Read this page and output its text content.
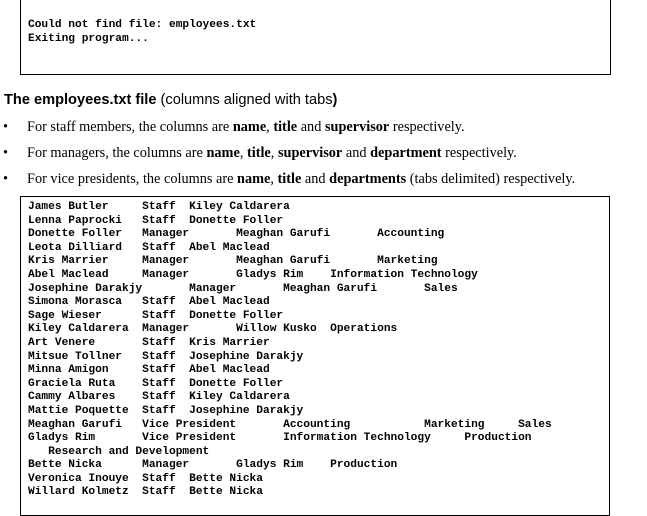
Could not find file: employees.txt
Exiting program...
The employees.txt file (columns aligned with tabs)
• For staff members, the columns are name, title and supervisor respectively.
• For managers, the columns are name, title, supervisor and department respectively.
• For vice presidents, the columns are name, title and departments (tabs delimited) respectively.
James Butler     Staff  Kiley Caldarera
Lenna Paprocki   Staff  Donette Foller
Donette Foller   Manager       Meaghan Garufi       Accounting
Leota Dilliard   Staff  Abel Maclead
Kris Marrier     Manager       Meaghan Garufi       Marketing
Abel Maclead     Manager       Gladys Rim    Information Technology
Josephine Darakjy       Manager       Meaghan Garufi       Sales
Simona Morasca   Staff  Abel Maclead
Sage Wieser      Staff  Donette Foller
Kiley Caldarera  Manager       Willow Kusko  Operations
Art Venere       Staff  Kris Marrier
Mitsue Tollner   Staff  Josephine Darakjy
Minna Amigon     Staff  Abel Maclead
Graciela Ruta    Staff  Donette Foller
Cammy Albares    Staff  Kiley Caldarera
Mattie Poquette  Staff  Josephine Darakjy
Meaghan Garufi   Vice President       Accounting           Marketing     Sales
Gladys Rim       Vice President       Information Technology     Production
Research and Development
Bette Nicka      Manager       Gladys Rim    Production
Veronica Inouye  Staff  Bette Nicka
Willard Kolmetz  Staff  Bette Nicka
